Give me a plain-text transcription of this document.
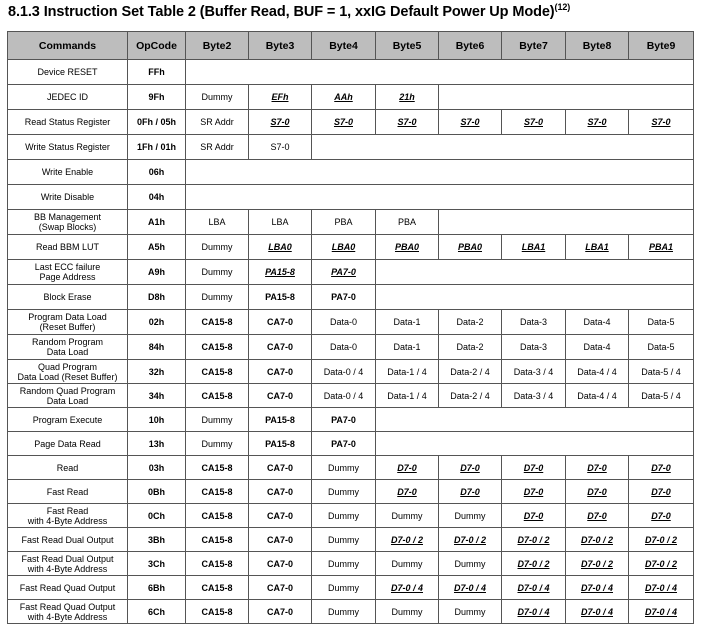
8.1.3 Instruction Set Table 2 (Buffer Read, BUF = 1, xxIG Default Power Up Mode)$^{(12)}$
Commands	OpCode	Byte2	Byte3	Byte4	Byte5	Byte6	Byte7	Byte8	Byte9
Device RESET	FFh								
JEDEC ID	9Fh	Dummy	EFh	AAh	21h				
Read Status Register	0Fh / 05h	SR Addr	S7-0	S7-0	S7-0	S7-0	S7-0	S7-0	S7-0
Write Status Register	1Fh / 01h	SR Addr	S7-0						
Write Enable	06h								
Write Disable	04h								
BB Management
(Swap Blocks)	A1h	LBA	LBA	PBA	PBA				
Read BBM LUT	A5h	Dummy	LBA0	LBA0	PBA0	PBA0	LBA1	LBA1	PBA1
Last ECC failure
Page Address	A9h	Dummy	PA15-8	PA7-0					
Block Erase	D8h	Dummy	PA15-8	PA7-0					
Program Data Load
(Reset Buffer)	02h	CA15-8	CA7-0	Data-0	Data-1	Data-2	Data-3	Data-4	Data-5
Random Program
Data Load	84h	CA15-8	CA7-0	Data-0	Data-1	Data-2	Data-3	Data-4	Data-5
Quad Program
Data Load (Reset Buffer)	32h	CA15-8	CA7-0	Data-0 / 4	Data-1 / 4	Data-2 / 4	Data-3 / 4	Data-4 / 4	Data-5 / 4
Random Quad Program
Data Load	34h	CA15-8	CA7-0	Data-0 / 4	Data-1 / 4	Data-2 / 4	Data-3 / 4	Data-4 / 4	Data-5 / 4
Program Execute	10h	Dummy	PA15-8	PA7-0					
Page Data Read	13h	Dummy	PA15-8	PA7-0					
Read	03h	CA15-8	CA7-0	Dummy	D7-0	D7-0	D7-0	D7-0	D7-0
Fast Read	0Bh	CA15-8	CA7-0	Dummy	D7-0	D7-0	D7-0	D7-0	D7-0
Fast Read
with 4-Byte Address	0Ch	CA15-8	CA7-0	Dummy	Dummy	Dummy	D7-0	D7-0	D7-0
Fast Read Dual Output	3Bh	CA15-8	CA7-0	Dummy	D7-0 / 2	D7-0 / 2	D7-0 / 2	D7-0 / 2	D7-0 / 2
Fast Read Dual Output
with 4-Byte Address	3Ch	CA15-8	CA7-0	Dummy	Dummy	Dummy	D7-0 / 2	D7-0 / 2	D7-0 / 2
Fast Read Quad Output	6Bh	CA15-8	CA7-0	Dummy	D7-0 / 4	D7-0 / 4	D7-0 / 4	D7-0 / 4	D7-0 / 4
Fast Read Quad Output
with 4-Byte Address	6Ch	CA15-8	CA7-0	Dummy	Dummy	Dummy	D7-0 / 4	D7-0 / 4	D7-0 / 4
